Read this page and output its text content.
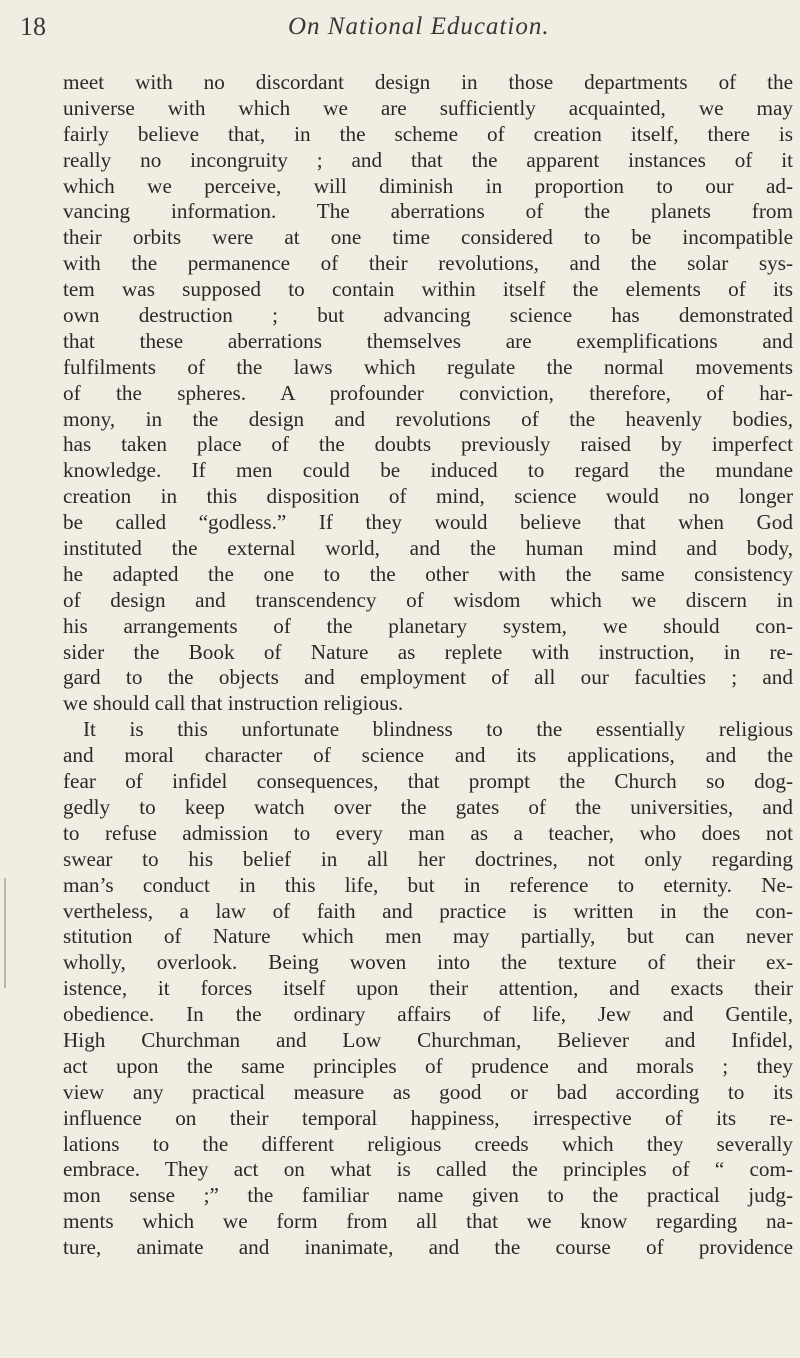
18	On National Education.
meet with no discordant design in those departments of the
universe with which we are sufficiently acquainted, we may
fairly believe that, in the scheme of creation itself, there is
really no incongruity ; and that the apparent instances of it
which we perceive, will diminish in proportion to our ad-
vancing information. The aberrations of the planets from
their orbits were at one time considered to be incompatible
with the permanence of their revolutions, and the solar sys-
tem was supposed to contain within itself the elements of its
own destruction ; but advancing science has demonstrated
that these aberrations themselves are exemplifications and
fulfilments of the laws which regulate the normal movements
of the spheres. A profounder conviction, therefore, of har-
mony, in the design and revolutions of the heavenly bodies,
has taken place of the doubts previously raised by imperfect
knowledge. If men could be induced to regard the mundane
creation in this disposition of mind, science would no longer
be called “godless.” If they would believe that when God
instituted the external world, and the human mind and body,
he adapted the one to the other with the same consistency
of design and transcendency of wisdom which we discern in
his arrangements of the planetary system, we should con-
sider the Book of Nature as replete with instruction, in re-
gard to the objects and employment of all our faculties ; and
we should call that instruction religious.
It is this unfortunate blindness to the essentially religious
and moral character of science and its applications, and the
fear of infidel consequences, that prompt the Church so dog-
gedly to keep watch over the gates of the universities, and
to refuse admission to every man as a teacher, who does not
swear to his belief in all her doctrines, not only regarding
man’s conduct in this life, but in reference to eternity. Ne-
vertheless, a law of faith and practice is written in the con-
stitution of Nature which men may partially, but can never
wholly, overlook. Being woven into the texture of their ex-
istence, it forces itself upon their attention, and exacts their
obedience. In the ordinary affairs of life, Jew and Gentile,
High Churchman and Low Churchman, Believer and Infidel,
act upon the same principles of prudence and morals ; they
view any practical measure as good or bad according to its
influence on their temporal happiness, irrespective of its re-
lations to the different religious creeds which they severally
embrace. They act on what is called the principles of “ com-
mon sense ;” the familiar name given to the practical judg-
ments which we form from all that we know regarding na-
ture, animate and inanimate, and the course of providence
